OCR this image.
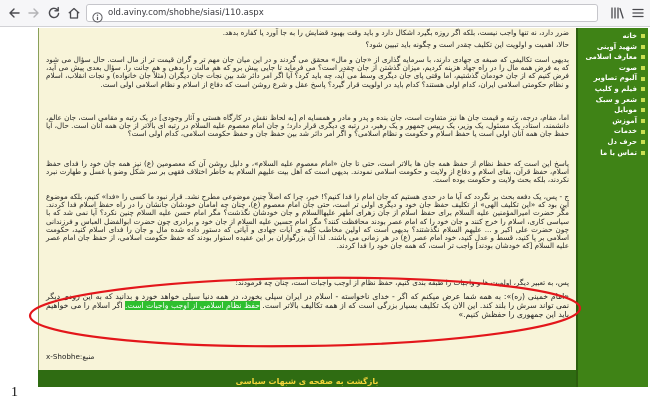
old.aviny.com/shobhe/siasi/110.aspx

ضرر دارد، نه تنها واجب نیست، بلکه اگر روزه بگیرد اشکال دارد و باید وقت بهبود قضایش را به جا آورد یا کفاره بدهد.

حالا، اهمیت و اولویت این تکلیف چقدر است و چگونه باید تبیین شود؟

بدیهی است تکالیفی که صبغه ی جهادی دارند، با سرمایه گذاری از «جان و مال» محقق می گردند و در این میان جان مهم تر و گران قیمت تر از مال است. حال سؤال می شود که به فرض همه مال را در راه جهاد هزینه کردیم، میزان گذشتن از جان چقدر است؟ می فرماید تا جایی پیش برو که هم مالت را بدهی و هم جانت را. سؤال بعدی پیش می آید، فرض کنیم که از جان خودمان گذشتیم، اما وقتی پای جان دیگری وسط می آید، چه باید کرد؟ آیا اگر امر دائر شد بین نجات جان دیگران (مثلاً جان خانواده) و نجات انقلاب، اسلام و نظام حکومتی اسلامی ایران، کدام اولی هستند؟ کدام باید در اولویت قرار گیرد؟ پاسخ عقل و شرع روشن است که دفاع از اسلام و نظام اسلامی اولی است.

اما، مقام، درجه، رتبه و قیمت جان ها نیز متفاوت است، جان بنده و پدر و مادر و همسایه ام [به لحاظ نقش در کارگاه هستی و آثار وجودی] در یک رتبه و مقامی است، جان عالم، دانشمند، استاد، یک مسئول، یک وزیر، یک رییس جمهور و یک رهبر، در رتبه ی دیگری قرار دارد؛ و جان امام معصوم علیه السلام در رتبه ای بالاتر از جان همه آنان است. حال، آیا حفظ جان همه آنان اولی است یا حفظ اسلام و حکومت و نظام اسلامی؟ و اگر امر دائر شد بین حفظ جان و حفظ حکومت اسلامی، کدام اولی است؟

پاسخ این است که حفظ نظام از حفظ همه جان ها بالاتر است، حتی تا جان «امام معصوم علیه السلام»، و دلیل روشن آن که معصومین (ع) نیز همه جان خود را فدای حفظ اسلام، حفظ قرآن، بقای اسلام و دفاع از ولایت و حکومت اسلامی نمودند. بدیهی است که اهل بیت علیهم السلام به خاطر اختلاف فقهی بر سر شکل وضو یا غسل و طهارت نبرد نکردند، بلکه بحث ولایت و حکومت بوده است.

ج - پس، یک دفعه بحث بر نگردد که آیا ما در حدی هستیم که جان امام را فدا کنیم؟! خیر، چرا که اصلاً چنین موضوعی مطرح نشد. قرار نبود ما کسی را «فدا» کنیم، بلکه موضوع این بود که «این تکلیف الهی» از تکلیف حفظ جان خود و دیگری اولی تر است، حتی جان امام معصوم (ع)، چنان چه امامان خودشان جانشان را در راه حفظ اسلام فدا کردند. مگر حضرت امیرالمؤمنین علیه السلام برای حفظ اسلام از جان زهرای اطهر علیهاالسلام و جان خودشان نگذشت؟ مگر امام حسن علیه السلام چنین نکرد؟ آیا نمی شد که با سیاسی کاری، اسلام را خرج کنند و جان خود را که امام عصر بودند محافظت کنند؟ مگر امام حسین علیه السلام از جان خود و برادری چون حضرت ابوالفضل العباس و فرزندانی چون حضرت علی اکبر و ... علیهم السلام نگذشتند؟ بدیهی است که اولین مخاطب کلیه ی آیات جهادی و آیاتی که دستور داده شده مال و جان را فدای اسلام کنید، حکومت اسلامی بر پا کنید، قسط و عدل کنید، خود امام عصر (ع) در هر زمانی می باشند. لذا آن بزرگواران بر این عقیده استوار بودند که حفظ حکومت اسلامی، از حفظ جان امام عصر علیه السلام [که خودشان بودند] واجب تر است، که همه جان خود را فدا کردند.

پس، به تعبیر دیگر، اولویت ها و واجبات را طبقه بندی کنیم، حفظ نظام از اوجب واجبات است، چنان چه فرمودند:

«امام خمینی (ره)»: به همه شما عرض میکنم که اگر - خدای ناخواسته - اسلام در ایران سیلی بخورد، در همه دنیا سیلی خواهد خورد و بدانید که به این زودی دیگر نمی تواند سرش را بلند کند. این الان یک تکلیف بسیار بزرگی است که از همه تکالیف بالاتر است. حفظ نظام اسلامی از اوجب واجبات است. اگر اسلام را می خواهیم باید این جمهوری را حفظش کنیم.»

منبع:x-Shobhe
خانه
شهید آوینی
معارف اسلامی
صوت
آلبوم تصاویر
فیلم و کلیپ
شعر و سبک
موبایل
آموزش
خدمات
حرف دل
تماس با ما
بازگشت به صفحه ی شبهات سیاسی
1
